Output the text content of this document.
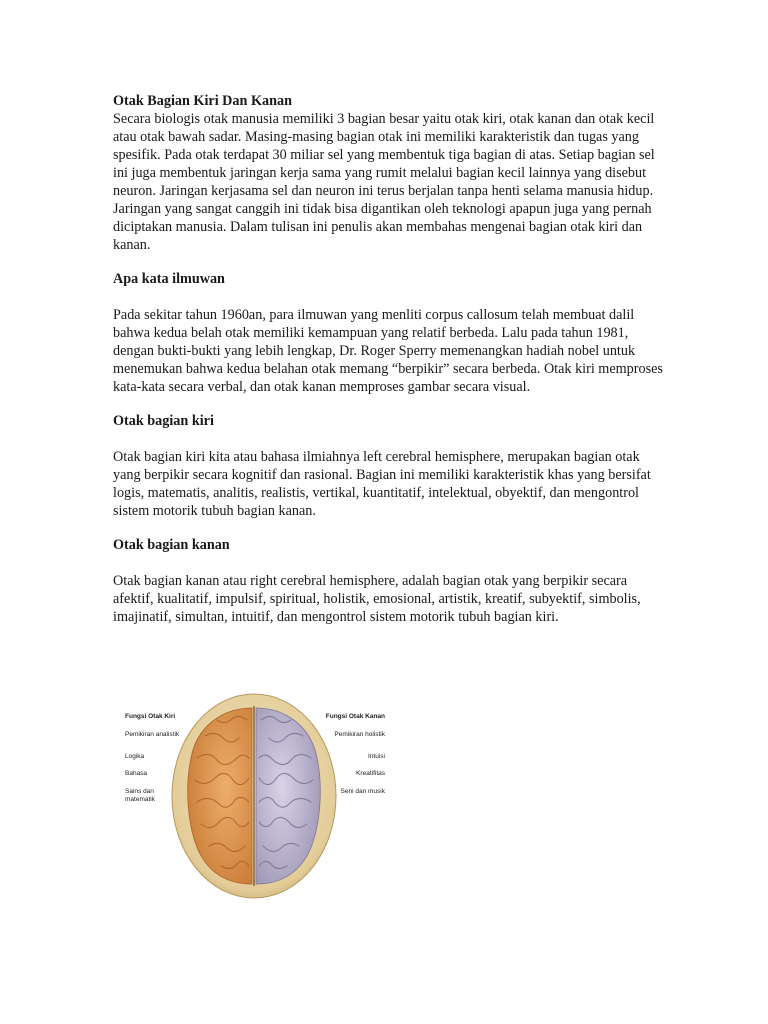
Otak Bagian Kiri Dan Kanan

Secara biologis otak manusia memiliki 3 bagian besar yaitu otak kiri, otak kanan dan otak kecil atau otak bawah sadar. Masing-masing bagian otak ini memiliki karakteristik dan tugas yang spesifik. Pada otak terdapat 30 miliar sel yang membentuk tiga bagian di atas. Setiap bagian sel ini juga membentuk jaringan kerja sama yang rumit melalui bagian kecil lainnya yang disebut neuron. Jaringan kerjasama sel dan neuron ini terus berjalan tanpa henti selama manusia hidup. Jaringan yang sangat canggih ini tidak bisa digantikan oleh teknologi apapun juga yang pernah diciptakan manusia. Dalam tulisan ini penulis akan membahas mengenai bagian otak kiri dan kanan.

Apa kata ilmuwan

Pada sekitar tahun 1960an, para ilmuwan yang menliti corpus callosum telah membuat dalil bahwa kedua belah otak memiliki kemampuan yang relatif berbeda. Lalu pada tahun 1981, dengan bukti-bukti yang lebih lengkap, Dr. Roger Sperry memenangkan hadiah nobel untuk menemukan bahwa kedua belahan otak memang “berpikir” secara berbeda. Otak kiri memproses kata-kata secara verbal, dan otak kanan memproses gambar secara visual.

Otak bagian kiri

Otak bagian kiri kita atau bahasa ilmiahnya left cerebral hemisphere, merupakan bagian otak yang berpikir secara kognitif dan rasional. Bagian ini memiliki karakteristik khas yang bersifat logis, matematis, analitis, realistis, vertikal, kuantitatif, intelektual, obyektif, dan mengontrol sistem motorik tubuh bagian kanan.

Otak bagian kanan

Otak bagian kanan atau right cerebral hemisphere, adalah bagian otak yang berpikir secara afektif, kualitatif, impulsif, spiritual, holistik, emosional, artistik, kreatif, subyektif, simbolis, imajinatif, simultan, intuitif, dan mengontrol sistem motorik tubuh bagian kiri.

Fungsi Otak Kiri
Pemikiran analistik
Logika
Bahasa
Sains dan matematik
Fungsi Otak Kanan
Pemikiran holistik
Intuisi
Kreatifitas
Seni dan musik
